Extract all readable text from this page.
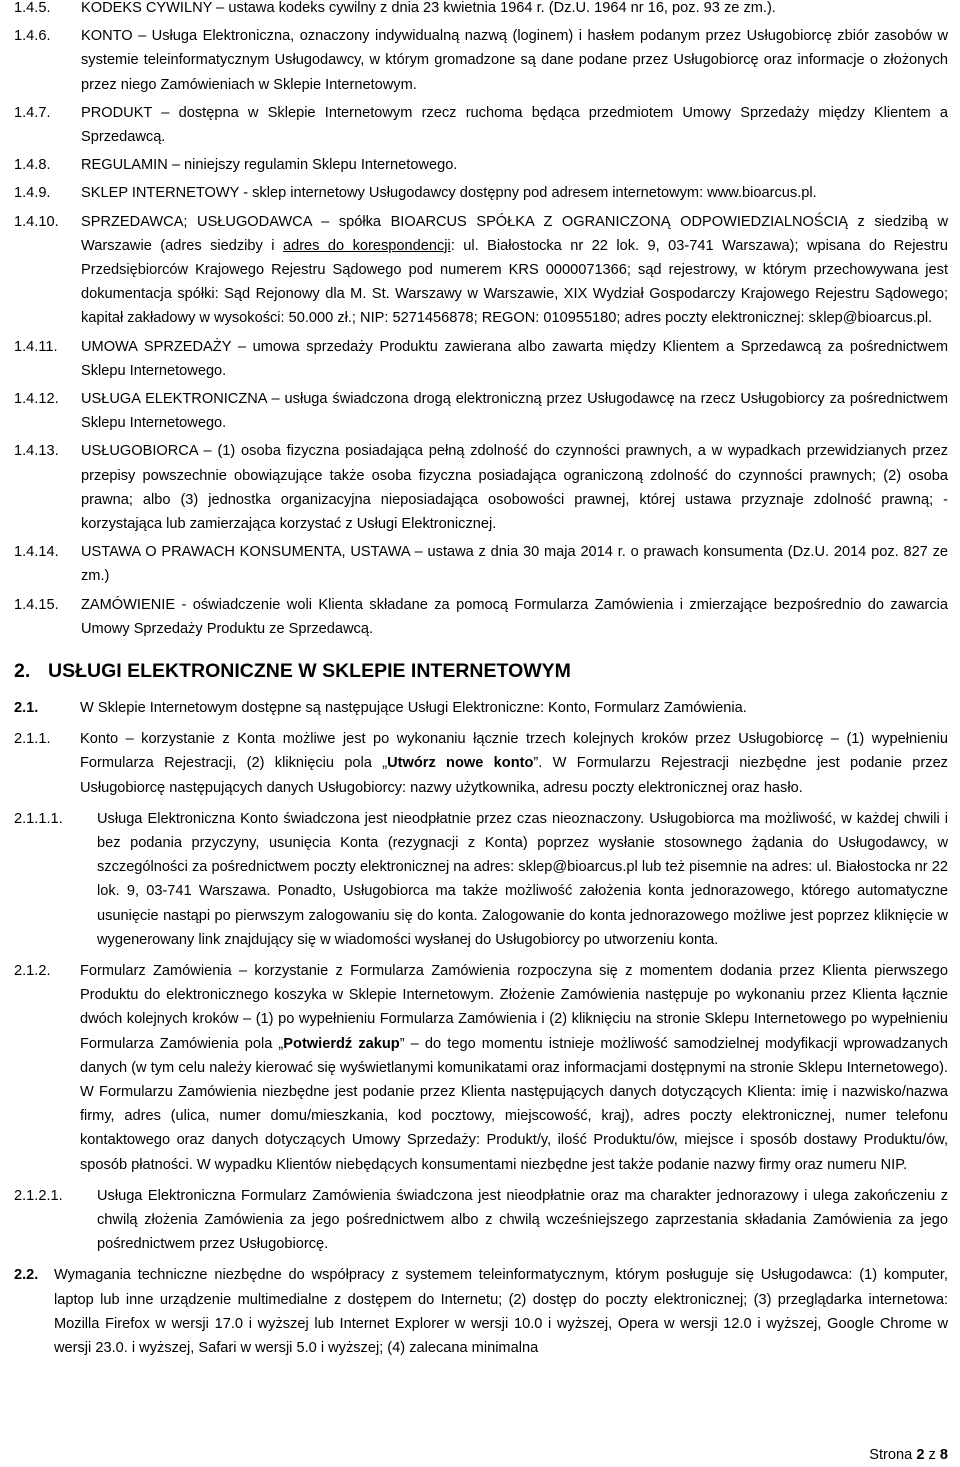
1.4.5. KODEKS CYWILNY – ustawa kodeks cywilny z dnia 23 kwietnia 1964 r. (Dz.U. 1964 nr 16, poz. 93 ze zm.).
1.4.6. KONTO – Usługa Elektroniczna, oznaczony indywidualną nazwą (loginem) i hasłem podanym przez Usługobiorcę zbiór zasobów w systemie teleinformatycznym Usługodawcy, w którym gromadzone są dane podane przez Usługobiorcę oraz informacje o złożonych przez niego Zamówieniach w Sklepie Internetowym.
1.4.7. PRODUKT – dostępna w Sklepie Internetowym rzecz ruchoma będąca przedmiotem Umowy Sprzedaży między Klientem a Sprzedawcą.
1.4.8. REGULAMIN – niniejszy regulamin Sklepu Internetowego.
1.4.9. SKLEP INTERNETOWY - sklep internetowy Usługodawcy dostępny pod adresem internetowym: www.bioarcus.pl.
1.4.10. SPRZEDAWCA; USŁUGODAWCA – spółka BIOARCUS SPÓŁKA Z OGRANICZONĄ ODPOWIEDZIALNOŚCIĄ z siedzibą w Warszawie (adres siedziby i adres do korespondencji: ul. Białostocka nr 22 lok. 9, 03-741 Warszawa); wpisana do Rejestru Przedsiębiorców Krajowego Rejestru Sądowego pod numerem KRS 0000071366; sąd rejestrowy, w którym przechowywana jest dokumentacja spółki: Sąd Rejonowy dla M. St. Warszawy w Warszawie, XIX Wydział Gospodarczy Krajowego Rejestru Sądowego; kapitał zakładowy w wysokości: 50.000 zł.; NIP: 5271456878; REGON: 010955180; adres poczty elektronicznej: sklep@bioarcus.pl.
1.4.11. UMOWA SPRZEDAŻY – umowa sprzedaży Produktu zawierana albo zawarta między Klientem a Sprzedawcą za pośrednictwem Sklepu Internetowego.
1.4.12. USŁUGA ELEKTRONICZNA – usługa świadczona drogą elektroniczną przez Usługodawcę na rzecz Usługobiorcy za pośrednictwem Sklepu Internetowego.
1.4.13. USŁUGOBIORCA – (1) osoba fizyczna posiadająca pełną zdolność do czynności prawnych, a w wypadkach przewidzianych przez przepisy powszechnie obowiązujące także osoba fizyczna posiadająca ograniczoną zdolność do czynności prawnych; (2) osoba prawna; albo (3) jednostka organizacyjna nieposiadająca osobowości prawnej, której ustawa przyznaje zdolność prawną; - korzystająca lub zamierzająca korzystać z Usługi Elektronicznej.
1.4.14. USTAWA O PRAWACH KONSUMENTA, USTAWA – ustawa z dnia 30 maja 2014 r. o prawach konsumenta (Dz.U. 2014 poz. 827 ze zm.)
1.4.15. ZAMÓWIENIE - oświadczenie woli Klienta składane za pomocą Formularza Zamówienia i zmierzające bezpośrednio do zawarcia Umowy Sprzedaży Produktu ze Sprzedawcą.
2. USŁUGI ELEKTRONICZNE W SKLEPIE INTERNETOWYM
2.1.	W Sklepie Internetowym dostępne są następujące Usługi Elektroniczne: Konto, Formularz Zamówienia.
2.1.1. Konto – korzystanie z Konta możliwe jest po wykonaniu łącznie trzech kolejnych kroków przez Usługobiorcę – (1) wypełnieniu Formularza Rejestracji, (2) kliknięciu pola „Utwórz nowe konto”. W Formularzu Rejestracji niezbędne jest podanie przez Usługobiorcę następujących danych Usługobiorcy: nazwy użytkownika, adresu poczty elektronicznej oraz hasło.
2.1.1.1. Usługa Elektroniczna Konto świadczona jest nieodpłatnie przez czas nieoznaczony. Usługobiorca ma możliwość, w każdej chwili i bez podania przyczyny, usunięcia Konta (rezygnacji z Konta) poprzez wysłanie stosownego żądania do Usługodawcy, w szczególności za pośrednictwem poczty elektronicznej na adres: sklep@bioarcus.pl lub też pisemnie na adres: ul. Białostocka nr 22 lok. 9, 03-741 Warszawa. Ponadto, Usługobiorca ma także możliwość założenia konta jednorazowego, którego automatyczne usunięcie nastąpi po pierwszym zalogowaniu się do konta. Zalogowanie do konta jednorazowego możliwe jest poprzez kliknięcie w wygenerowany link znajdujący się w wiadomości wysłanej do Usługobiorcy po utworzeniu konta.
2.1.2. Formularz Zamówienia – korzystanie z Formularza Zamówienia rozpoczyna się z momentem dodania przez Klienta pierwszego Produktu do elektronicznego koszyka w Sklepie Internetowym. Złożenie Zamówienia następuje po wykonaniu przez Klienta łącznie dwóch kolejnych kroków – (1) po wypełnieniu Formularza Zamówienia i (2) kliknięciu na stronie Sklepu Internetowego po wypełnieniu Formularza Zamówienia pola „Potwierdź zakup” – do tego momentu istnieje możliwość samodzielnej modyfikacji wprowadzanych danych (w tym celu należy kierować się wyświetlanymi komunikatami oraz informacjami dostępnymi na stronie Sklepu Internetowego). W Formularzu Zamówienia niezbędne jest podanie przez Klienta następujących danych dotyczących Klienta: imię i nazwisko/nazwa firmy, adres (ulica, numer domu/mieszkania, kod pocztowy, miejscowość, kraj), adres poczty elektronicznej, numer telefonu kontaktowego oraz danych dotyczących Umowy Sprzedaży: Produkt/y, ilość Produktu/ów, miejsce i sposób dostawy Produktu/ów, sposób płatności. W wypadku Klientów niebędących konsumentami niezbędne jest także podanie nazwy firmy oraz numeru NIP.
2.1.2.1. Usługa Elektroniczna Formularz Zamówienia świadczona jest nieodpłatnie oraz ma charakter jednorazowy i ulega zakończeniu z chwilą złożenia Zamówienia za jego pośrednictwem albo z chwilą wcześniejszego zaprzestania składania Zamówienia za jego pośrednictwem przez Usługobiorcę.
2.2. Wymagania techniczne niezbędne do współpracy z systemem teleinformatycznym, którym posługuje się Usługodawca: (1) komputer, laptop lub inne urządzenie multimedialne z dostępem do Internetu; (2) dostęp do poczty elektronicznej; (3) przeglądarka internetowa: Mozilla Firefox w wersji 17.0 i wyższej lub Internet Explorer w wersji 10.0 i wyższej, Opera w wersji 12.0 i wyższej, Google Chrome w wersji 23.0. i wyższej, Safari w wersji 5.0 i wyższej; (4) zalecana minimalna
Strona 2 z 8
